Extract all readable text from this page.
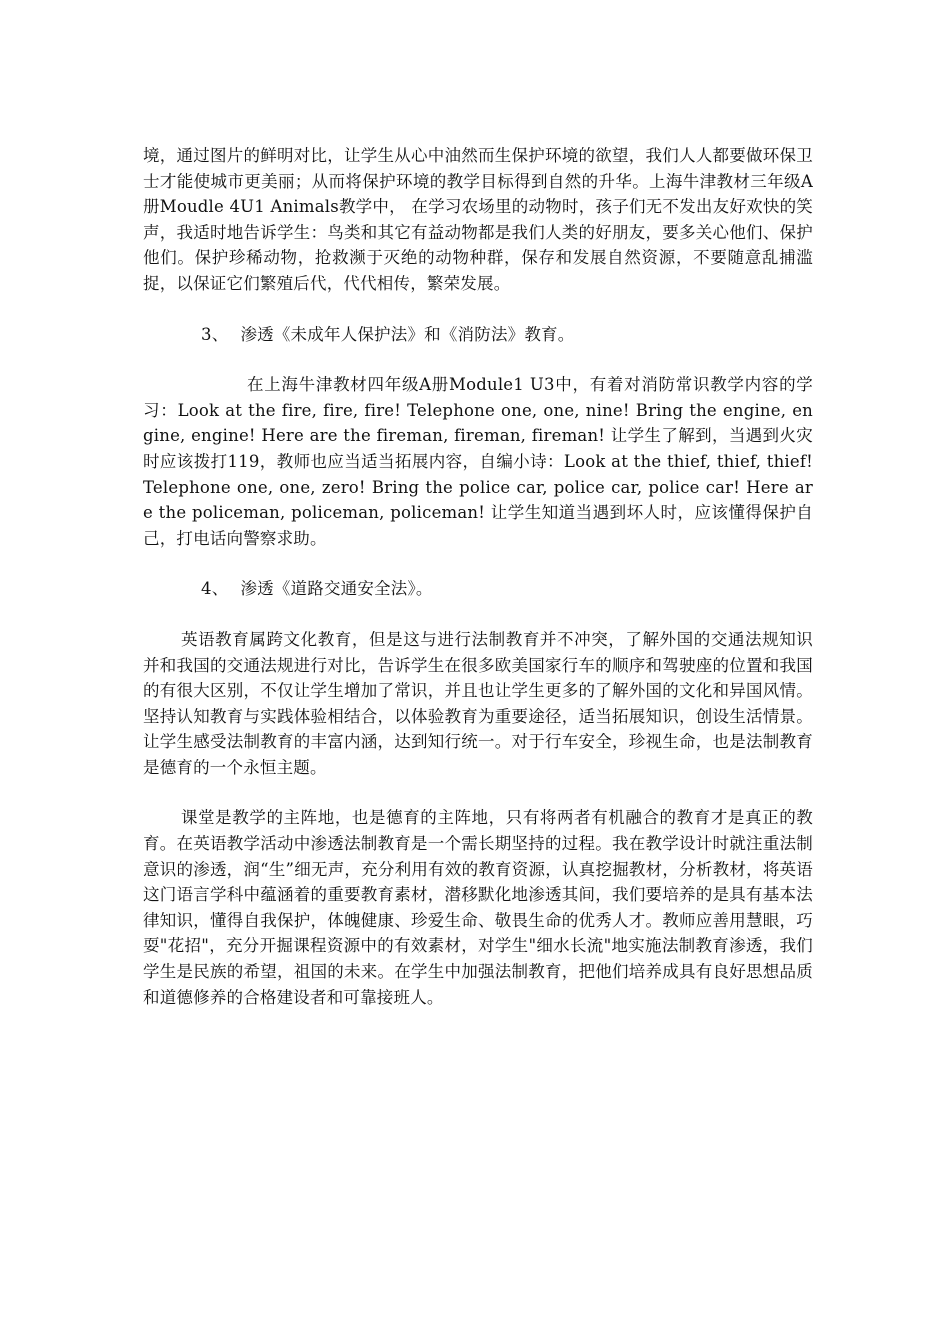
境，通过图片的鲜明对比，让学生从心中油然而生保护环境的欲望，我们人人都要做环保卫士才能使城市更美丽；从而将保护环境的教学目标得到自然的升华。上海牛津教材三年级A册Moudle 4U1 Animals教学中， 在学习农场里的动物时，孩子们无不发出友好欢快的笑声，我适时地告诉学生：鸟类和其它有益动物都是我们人类的好朋友，要多关心他们、保护他们。保护珍稀动物，抢救濒于灭绝的动物种群，保存和发展自然资源，不要随意乱捕滥捉，以保证它们繁殖后代，代代相传，繁荣发展。

3、 渗透《未成年人保护法》和《消防法》教育。

在上海牛津教材四年级A册Module1 U3中，有着对消防常识教学内容的学习：Look at the fire, fire, fire! Telephone one, one, nine! Bring the engine, engine, engine! Here are the fireman, fireman, fireman! 让学生了解到，当遇到火灾时应该拨打119，教师也应当适当拓展内容，自编小诗：Look at the thief, thief, thief! Telephone one, one, zero! Bring the police car, police car, police car! Here are the policeman, policeman, policeman! 让学生知道当遇到坏人时，应该懂得保护自己，打电话向警察求助。

4、 渗透《道路交通安全法》。

英语教育属跨文化教育，但是这与进行法制教育并不冲突，了解外国的交通法规知识并和我国的交通法规进行对比，告诉学生在很多欧美国家行车的顺序和驾驶座的位置和我国的有很大区别，不仅让学生增加了常识，并且也让学生更多的了解外国的文化和异国风情。坚持认知教育与实践体验相结合，以体验教育为重要途径，适当拓展知识，创设生活情景。让学生感受法制教育的丰富内涵，达到知行统一。对于行车安全，珍视生命，也是法制教育是德育的一个永恒主题。

课堂是教学的主阵地，也是德育的主阵地，只有将两者有机融合的教育才是真正的教育。在英语教学活动中渗透法制教育是一个需长期坚持的过程。我在教学设计时就注重法制意识的渗透，润“生”细无声，充分利用有效的教育资源，认真挖掘教材，分析教材，将英语这门语言学科中蕴涵着的重要教育素材，潜移默化地渗透其间，我们要培养的是具有基本法律知识，懂得自我保护，体魄健康、珍爱生命、敬畏生命的优秀人才。教师应善用慧眼，巧耍"花招"，充分开掘课程资源中的有效素材，对学生"细水长流"地实施法制教育渗透，我们学生是民族的希望，祖国的未来。在学生中加强法制教育，把他们培养成具有良好思想品质和道德修养的合格建设者和可靠接班人。
